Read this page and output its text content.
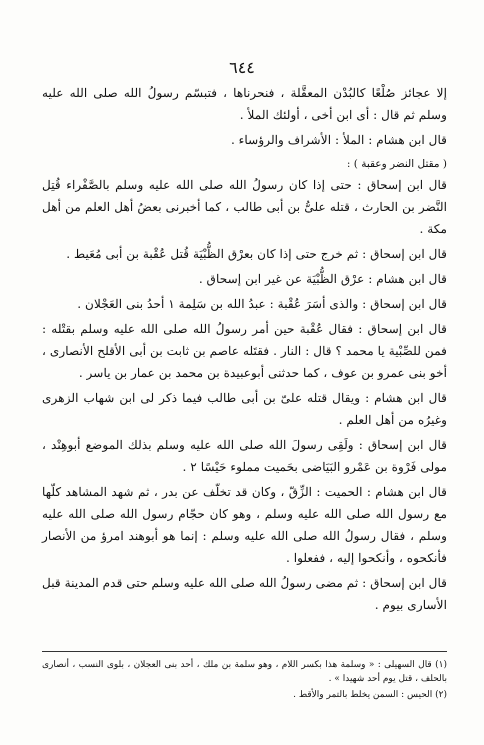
٦٤٤

إلا عجائز صُلْعًا كالبُدْن المعقَّلة ، فنحرناها ، فتبسّم رسولُ الله صلى الله عليه وسلم ثم قال : أى ابن أخى ، أولئك الملأ .

قال ابن هشام : الملأ : الأشراف والرؤساء .

( مقتل النضر وعقبة ) :

قال ابن إسحاق : حتى إذا كان رسولُ الله صلى الله عليه وسلم بالصَّفْراء قُتِل النَّضر بن الحارث ، قتله علىُّ بن أبى طالب ، كما أخبرنى بعضُ أهل العلم من أهل مكة .

قال ابن إسحاق : ثم خرج حتى إذا كان بعرْق الظُّبْيَة قُتل عُقْبة بن أبى مُعَيط .

قال ابن هشام : عرْق الظُّبْيَة عن غير ابن إسحاق .

قال ابن إسحاق : والذى أسَرَ عُقْبة : عبدُ الله بن سَلِمة ١ أحدُ بنى العَجْلان .

قال ابن إسحاق : فقال عُقْبة حين أمر رسولُ الله صلى الله عليه وسلم بقتْله : فمن للصِّبْية يا محمد ؟ قال : النار . فقتَله عاصم بن ثابت بن أبى الأقلح الأنصارى ، أخو بنى عمرو بن عوف ، كما حدثنى أبوعبيدة بن محمد بن عمار بن ياسر .

قال ابن هشام : ويقال قتله علىّ بن أبى طالب فيما ذكر لى ابن شهاب الزهرى وغيرُه من أهل العلم .

قال ابن إسحاق : ولَقِى رسولَ الله صلى الله عليه وسلم بذلك الموضع أبوهِنْد ، مولى فَرْوة بن عَمْرو البَيَاضى بحَميت مملوء حَيْسًا ٢ .

قال ابن هشام : الحميت : الزِّقّ ، وكان قد تخلّف عن بدر ، ثم شهد المشاهد كلّها مع رسول الله صلى الله عليه وسلم ، وهو كان حجّام رسول الله صلى الله عليه وسلم ، فقال رسولُ الله صلى الله عليه وسلم : إنما هو أبوهند امرؤ من الأنصار فأنكحوه ، وأنكحوا إليه ، ففعلوا .

قال ابن إسحاق : ثم مضى رسولُ الله صلى الله عليه وسلم حتى قدم المدينة قبل الأسارى بيوم .

(١) قال السهيلى : « وسلمة هذا بكسر اللام ، وهو سلمة بن ملك ، أحد بنى العجلان ، بلوى النسب ، أنصارى بالحلف ، قتل يوم أحد شهيدا » .

(٢) الحيس : السمن يخلط بالتمر والأقط .
